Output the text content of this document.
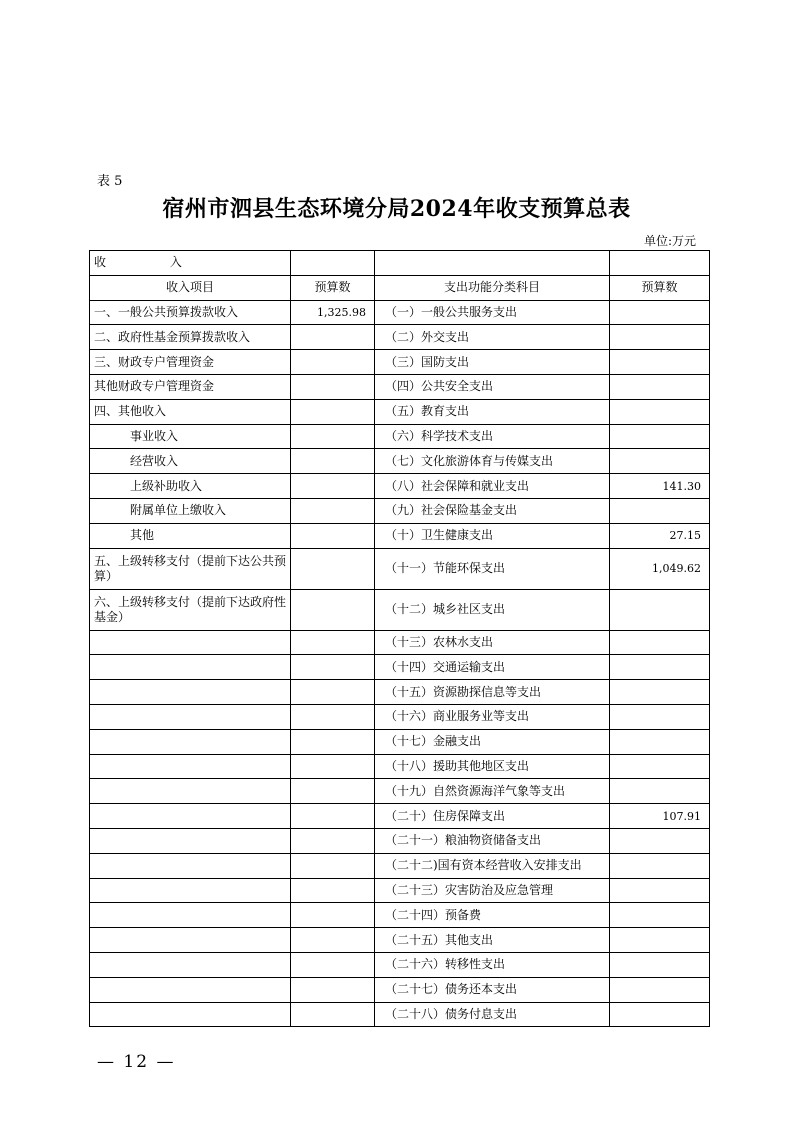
表 5
宿州市泗县生态环境分局2024年收支预算总表
单位:万元
收 入			
收入项目	预算数	支出功能分类科目	预算数
一、一般公共预算拨款收入	1,325.98	（一）一般公共服务支出	
二、政府性基金预算拨款收入		（二）外交支出	
三、财政专户管理资金		（三）国防支出	
其他财政专户管理资金		（四）公共安全支出	
四、其他收入		（五）教育支出	
事业收入		（六）科学技术支出	
经营收入		（七）文化旅游体育与传媒支出	
上级补助收入		（八）社会保障和就业支出	141.30
附属单位上缴收入		（九）社会保险基金支出	
其他		（十）卫生健康支出	27.15
五、上级转移支付（提前下达公共预算）		（十一）节能环保支出	1,049.62
六、上级转移支付（提前下达政府性基金）		（十二）城乡社区支出	
		（十三）农林水支出	
		（十四）交通运输支出	
		（十五）资源勘探信息等支出	
		（十六）商业服务业等支出	
		（十七）金融支出	
		（十八）援助其他地区支出	
		（十九）自然资源海洋气象等支出	
		（二十）住房保障支出	107.91
		（二十一）粮油物资储备支出	
		（二十二)国有资本经营收入安排支出	
		（二十三）灾害防治及应急管理	
		（二十四）预备费	
		（二十五）其他支出	
		（二十六）转移性支出	
		（二十七）债务还本支出	
		（二十八）债务付息支出	
— 12 —
